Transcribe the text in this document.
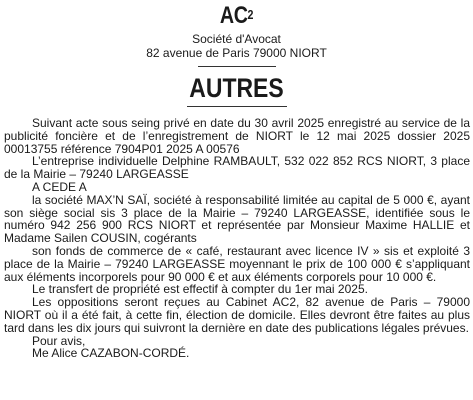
$AC^2$
Société d'Avocat
82 avenue de Paris 79000 NIORT
AUTRES

Suivant acte sous seing privé en date du 30 avril 2025 enregistré au service de la publicité foncière et de l’enregistrement de NIORT le 12 mai 2025 dossier 2025 00013755 référence 7904P01 2025 A 00576

L’entreprise individuelle Delphine RAMBAULT, 532 022 852 RCS NIORT, 3 place de la Mairie – 79240 LARGEASSE

A CEDE A

la société MAX’N SAÏ, société à responsabilité limitée au capital de 5 000 €, ayant son siège social sis 3 place de la Mairie – 79240 LARGEASSE, identifiée sous le numéro 942 256 900 RCS NIORT et représentée par Monsieur Maxime HALLIE et Madame Sailen COUSIN, cogérants

son fonds de commerce de « café, restaurant avec licence IV » sis et exploité 3 place de la Mairie – 79240 LARGEASSE moyennant le prix de 100 000 € s’appliquant aux éléments incorporels pour 90 000 € et aux éléments corporels pour 10 000 €.

Le transfert de propriété est effectif à compter du 1er mai 2025.

Les oppositions seront reçues au Cabinet AC2, 82 avenue de Paris – 79000 NIORT où il a été fait, à cette fin, élection de domicile. Elles devront être faites au plus tard dans les dix jours qui suivront la dernière en date des publications légales prévues.

Pour avis,

Me Alice CAZABON-CORDÉ.
